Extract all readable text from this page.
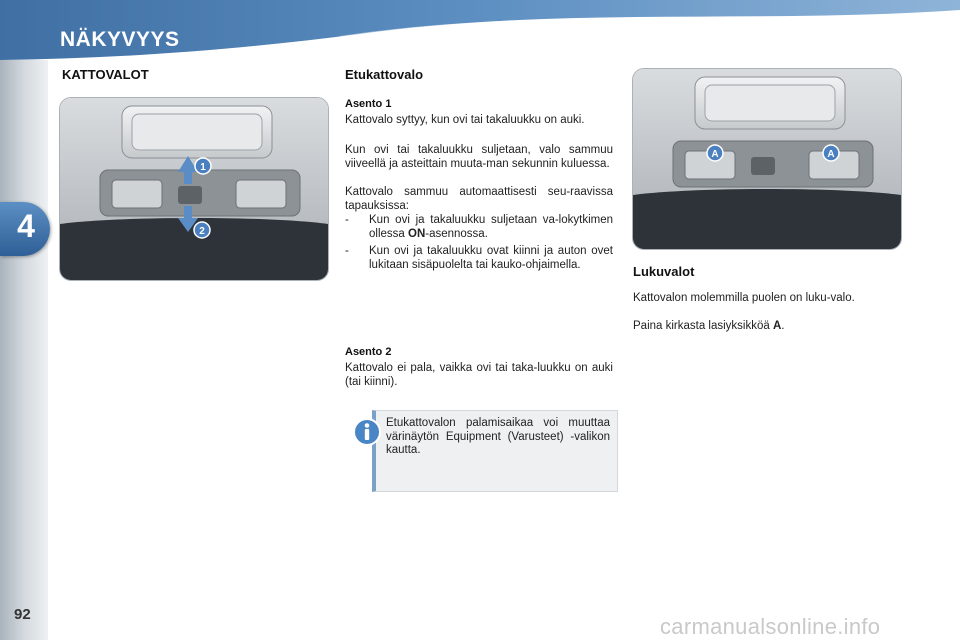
NÄKYVYYS
4
92
KATTOVALOT
1
2
Etukattovalo
Asento 1
Kattovalo syttyy, kun ovi tai takaluukku on auki.
Kun ovi tai takaluukku suljetaan, valo sammuu viiveellä ja asteittain muuta-man sekunnin kuluessa.
Kattovalo sammuu automaattisesti seu-raavissa tapauksissa:
- Kun ovi ja takaluukku suljetaan va-lokytkimen ollessa ON-asennossa.
- Kun ovi ja takaluukku ovat kiinni ja auton ovet lukitaan sisäpuolelta tai kauko-ohjaimella.
Asento 2
Kattovalo ei pala, vaikka ovi tai taka-luukku on auki (tai kiinni).
Etukattovalon palamisaikaa voi muuttaa värinäytön Equipment (Varusteet) -valikon kautta.
A	A
Lukuvalot
Kattovalon molemmilla puolen on luku-valo.
Paina kirkasta lasiyksikköä A.
carmanualsonline.info
